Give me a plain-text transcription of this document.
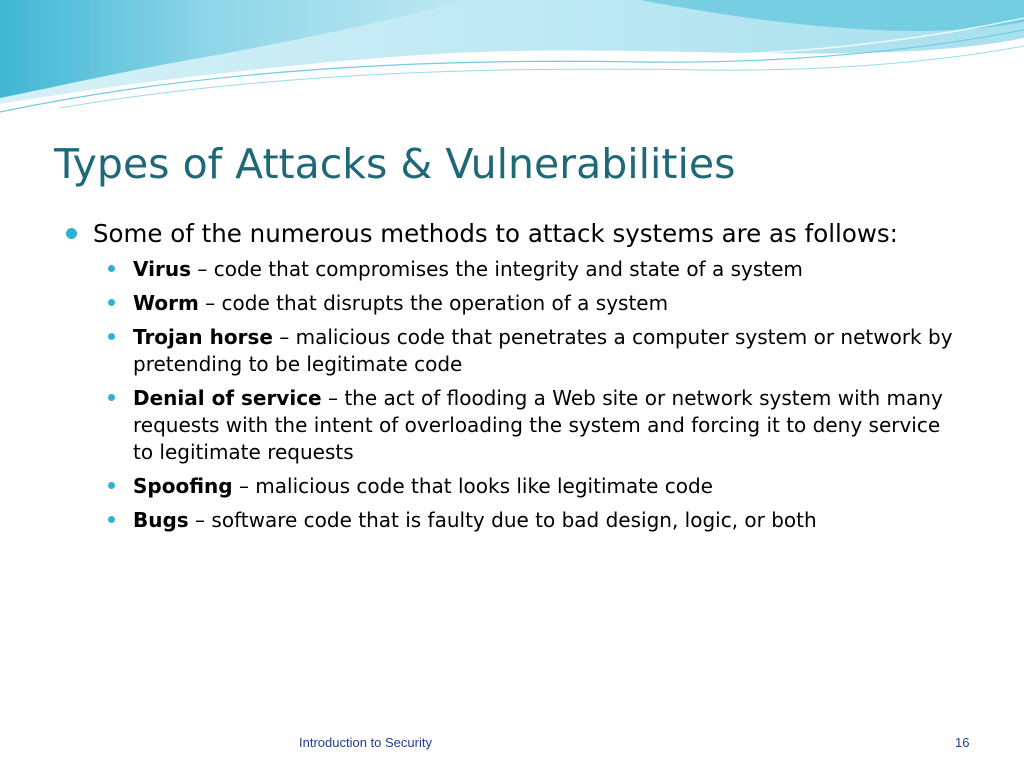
Types of Attacks & Vulnerabilities
Some of the numerous methods to attack systems are as follows:
Virus – code that compromises the integrity and state of a system
Worm – code that disrupts the operation of a system
Trojan horse – malicious code that penetrates a computer system or network by pretending to be legitimate code
Denial of service – the act of flooding a Web site or network system with many requests with the intent of overloading the system and forcing it to deny service to legitimate requests
Spoofing – malicious code that looks like legitimate code
Bugs – software code that is faulty due to bad design, logic, or both
Introduction to Security	16
